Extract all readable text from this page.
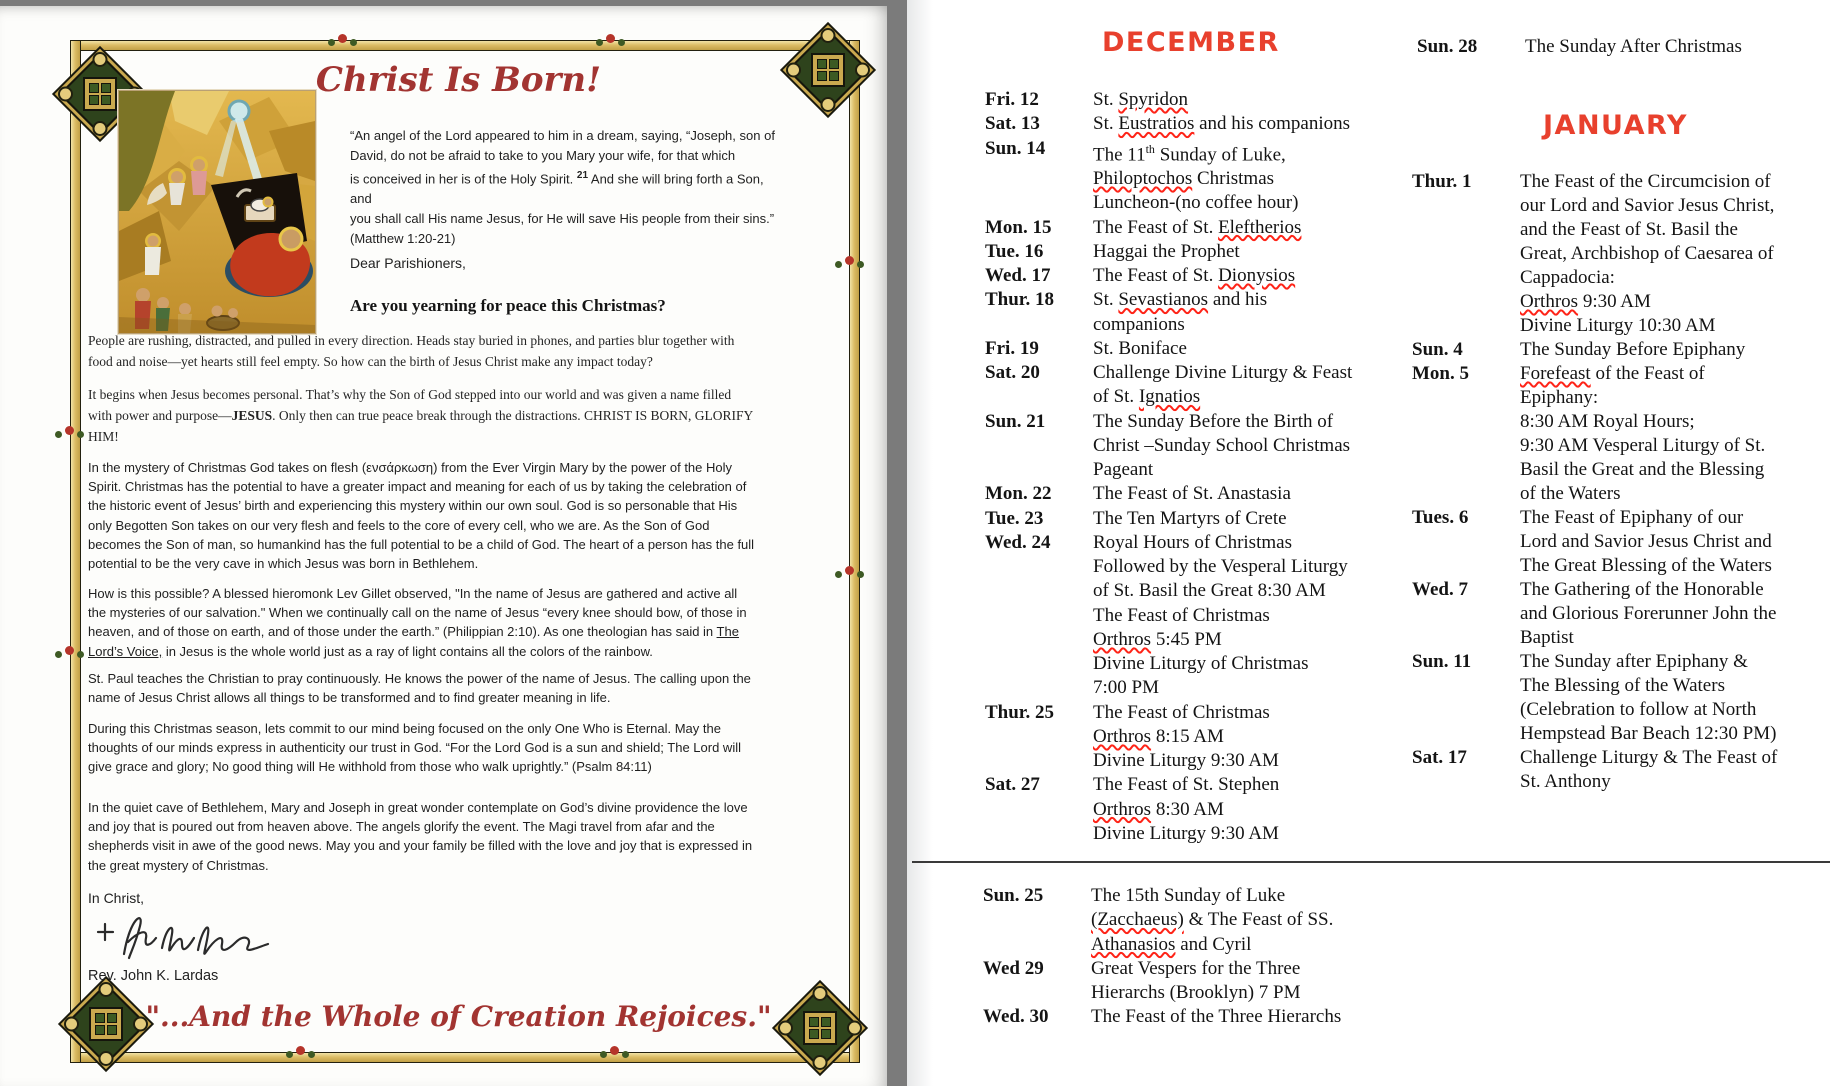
Christ Is Born!
“An angel of the Lord appeared to him in a dream, saying, “Joseph, son of
David, do not be afraid to take to you Mary your wife, for that which
is conceived in her is of the Holy Spirit. $^{21}$ And she will bring forth a Son, and
you shall call His name Jesus, for He will save His people from their sins.”
(Matthew 1:20-21)
Dear Parishioners,
Are you yearning for peace this Christmas?
People are rushing, distracted, and pulled in every direction. Heads stay buried in phones, and parties blur together with food and noise—yet hearts still feel empty. So how can the birth of Jesus Christ make any impact today?
It begins when Jesus becomes personal. That’s why the Son of God stepped into our world and was given a name filled with power and purpose—JESUS. Only then can true peace break through the distractions. CHRIST IS BORN, GLORIFY HIM!
In the mystery of Christmas God takes on flesh (ενσάρκωση) from the Ever Virgin Mary by the power of the Holy Spirit. Christmas has the potential to have a greater impact and meaning for each of us by taking the celebration of the historic event of Jesus’ birth and experiencing this mystery within our own soul. God is so personable that His only Begotten Son takes on our very flesh and feels to the core of every cell, who we are. As the Son of God becomes the Son of man, so humankind has the full potential to be a child of God. The heart of a person has the full potential to be the very cave in which Jesus was born in Bethlehem.
How is this possible? A blessed hieromonk Lev Gillet observed, "In the name of Jesus are gathered and active all the mysteries of our salvation." When we continually call on the name of Jesus “every knee should bow, of those in heaven, and of those on earth, and of those under the earth.” (Philippian 2:10). As one theologian has said in The Lord’s Voice, in Jesus is the whole world just as a ray of light contains all the colors of the rainbow.
St. Paul teaches the Christian to pray continuously. He knows the power of the name of Jesus. The calling upon the name of Jesus Christ allows all things to be transformed and to find greater meaning in life.
During this Christmas season, lets commit to our mind being focused on the only One Who is Eternal. May the thoughts of our minds express in authenticity our trust in God. “For the Lord God is a sun and shield; The Lord will give grace and glory; No good thing will He withhold from those who walk uprightly.” (Psalm 84:11)
In the quiet cave of Bethlehem, Mary and Joseph in great wonder contemplate on God’s divine providence the love and joy that is poured out from heaven above. The angels glorify the event. The Magi travel from afar and the shepherds visit in awe of the good news. May you and your family be filled with the love and joy that is expressed in the great mystery of Christmas.
In Christ,
Rev. John K. Lardas
"...And the Whole of Creation Rejoices."
DECEMBER
JANUARY
Fri. 12	St. Spyridon
Sat. 13	St. Eustratios and his companions
Sun. 14	The 11th Sunday of Luke,
Philoptochos Christmas
Luncheon-(no coffee hour)
Mon. 15	The Feast of St. Eleftherios
Tue. 16	Haggai the Prophet
Wed. 17	The Feast of St. Dionysios
Thur. 18	St. Sevastianos and his
companions
Fri. 19	St. Boniface
Sat. 20	Challenge Divine Liturgy & Feast
of St. Ignatios
Sun. 21	The Sunday Before the Birth of
Christ –Sunday School Christmas
Pageant
Mon. 22	The Feast of St. Anastasia
Tue. 23	The Ten Martyrs of Crete
Wed. 24	Royal Hours of Christmas
Followed by the Vesperal Liturgy
of St. Basil the Great 8:30 AM
The Feast of Christmas
Orthros 5:45 PM
Divine Liturgy of Christmas
7:00 PM
Thur. 25	The Feast of Christmas
Orthros 8:15 AM
Divine Liturgy 9:30 AM
Sat. 27	The Feast of St. Stephen
Orthros 8:30 AM
Divine Liturgy 9:30 AM
Sun. 28	The Sunday After Christmas
Thur. 1	The Feast of the Circumcision of
our Lord and Savior Jesus Christ,
and the Feast of St. Basil the
Great, Archbishop of Caesarea of
Cappadocia:
Orthros 9:30 AM
Divine Liturgy 10:30 AM
Sun. 4	The Sunday Before Epiphany
Mon. 5	Forefeast of the Feast of
Epiphany:
8:30 AM Royal Hours;
9:30 AM Vesperal Liturgy of St.
Basil the Great and the Blessing
of the Waters
Tues. 6	The Feast of Epiphany of our
Lord and Savior Jesus Christ and
The Great Blessing of the Waters
Wed. 7	The Gathering of the Honorable
and Glorious Forerunner John the
Baptist
Sun. 11	The Sunday after Epiphany &
The Blessing of the Waters
(Celebration to follow at North
Hempstead Bar Beach 12:30 PM)
Sat. 17	Challenge Liturgy & The Feast of
St. Anthony
Sun. 25	The 15th Sunday of Luke
(Zacchaeus) & The Feast of SS.
Athanasios and Cyril
Wed 29	Great Vespers for the Three
Hierarchs (Brooklyn) 7 PM
Wed. 30	The Feast of the Three Hierarchs
